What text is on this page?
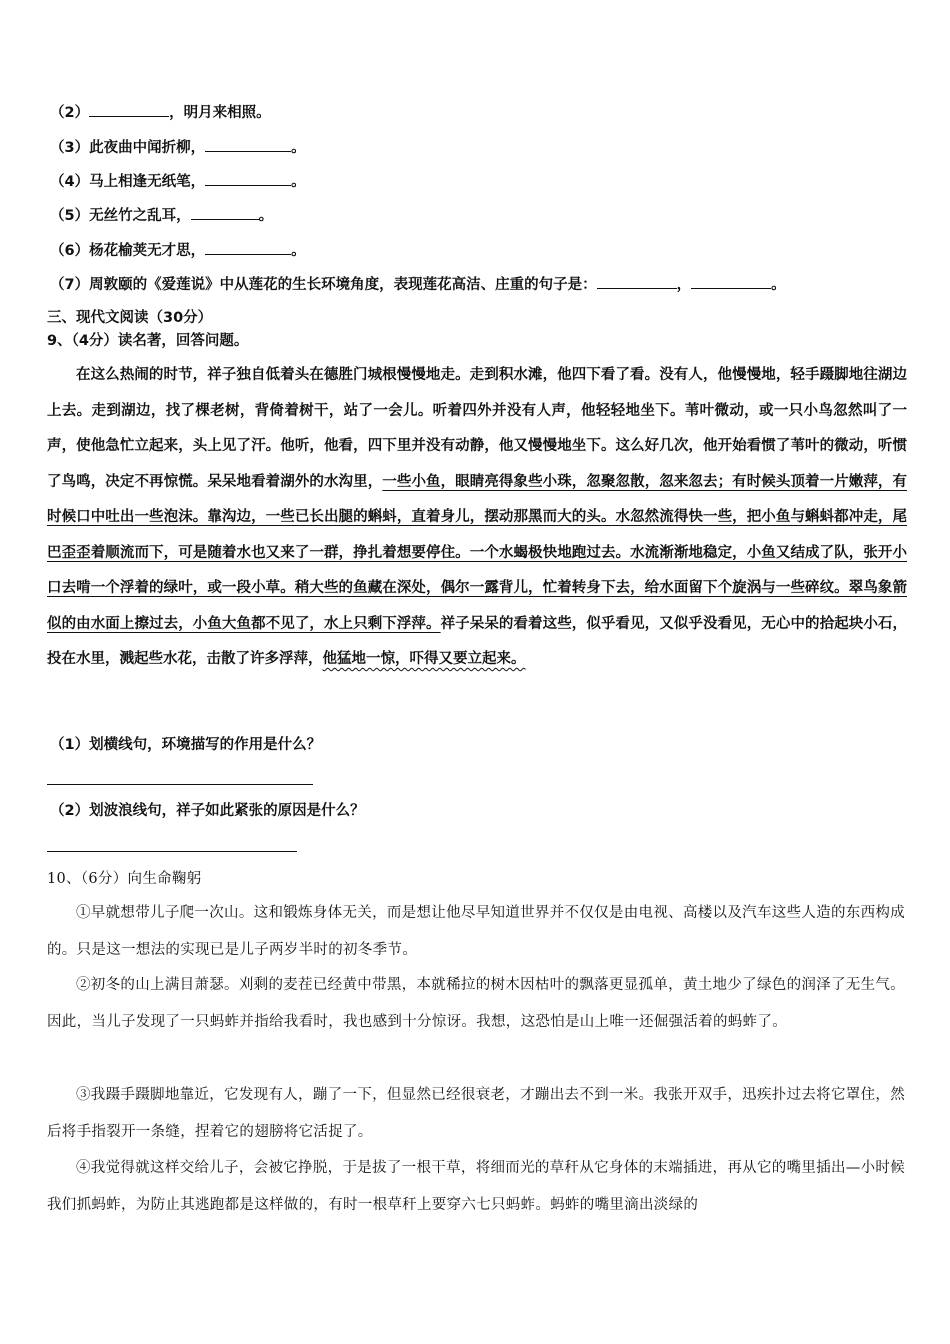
（2）	，明月来相照。
（3）此夜曲中闻折柳，	。
（4）马上相逢无纸笔，	。
（5）无丝竹之乱耳，	。
（6）杨花榆荚无才思，	。
（7）周敦颐的《爱莲说》中从莲花的生长环境角度，表现莲花高洁、庄重的句子是：	，	。
三、现代文阅读（30分）
9、（4分）读名著，回答问题。
在这么热闹的时节，祥子独自低着头在德胜门城根慢慢地走。走到积水滩，他四下看了看。没有人，他慢慢地，轻手蹑脚地往湖边上去。走到湖边，找了棵老树，背倚着树干，站了一会儿。听着四外并没有人声，他轻轻地坐下。苇叶微动，或一只小鸟忽然叫了一声，使他急忙立起来，头上见了汗。他听，他看，四下里并没有动静，他又慢慢地坐下。这么好几次，他开始看惯了苇叶的微动，听惯了鸟鸣，决定不再惊慌。呆呆地看着湖外的水沟里，一些小鱼，眼睛亮得象些小珠，忽聚忽散，忽来忽去；有时候头顶着一片嫩萍，有时候口中吐出一些泡沫。靠沟边，一些已长出腿的蝌蚪，直着身儿，摆动那黑而大的头。水忽然流得快一些，把小鱼与蝌蚪都冲走，尾巴歪歪着顺流而下，可是随着水也又来了一群，挣扎着想要停住。一个水蝎极快地跑过去。水流渐渐地稳定，小鱼又结成了队，张开小口去啃一个浮着的绿叶，或一段小草。稍大些的鱼藏在深处，偶尔一露背儿，忙着转身下去，给水面留下个旋涡与一些碎纹。翠鸟象箭似的由水面上擦过去，小鱼大鱼都不见了，水上只剩下浮萍。祥子呆呆的看着这些，似乎看见，又似乎没看见，无心中的拾起块小石，投在水里，溅起些水花，击散了许多浮萍，他猛地一惊，吓得又要立起来。
（1）划横线句，环境描写的作用是什么？
（2）划波浪线句，祥子如此紧张的原因是什么？
10、（6分）向生命鞠躬
①早就想带儿子爬一次山。这和锻炼身体无关，而是想让他尽早知道世界并不仅仅是由电视、高楼以及汽车这些人造的东西构成的。只是这一想法的实现已是儿子两岁半时的初冬季节。
②初冬的山上满目萧瑟。刈剩的麦茬已经黄中带黑，本就稀拉的树木因枯叶的飘落更显孤单，黄土地少了绿色的润泽了无生气。因此，当儿子发现了一只蚂蚱并指给我看时，我也感到十分惊讶。我想，这恐怕是山上唯一还倔强活着的蚂蚱了。
③我蹑手蹑脚地靠近，它发现有人，蹦了一下，但显然已经很衰老，才蹦出去不到一米。我张开双手，迅疾扑过去将它罩住，然后将手指裂开一条缝，捏着它的翅膀将它活捉了。
④我觉得就这样交给儿子，会被它挣脱，于是拔了一根干草，将细而光的草秆从它身体的末端插进，再从它的嘴里插出—小时候我们抓蚂蚱，为防止其逃跑都是这样做的，有时一根草秆上要穿六七只蚂蚱。蚂蚱的嘴里滴出淡绿的
